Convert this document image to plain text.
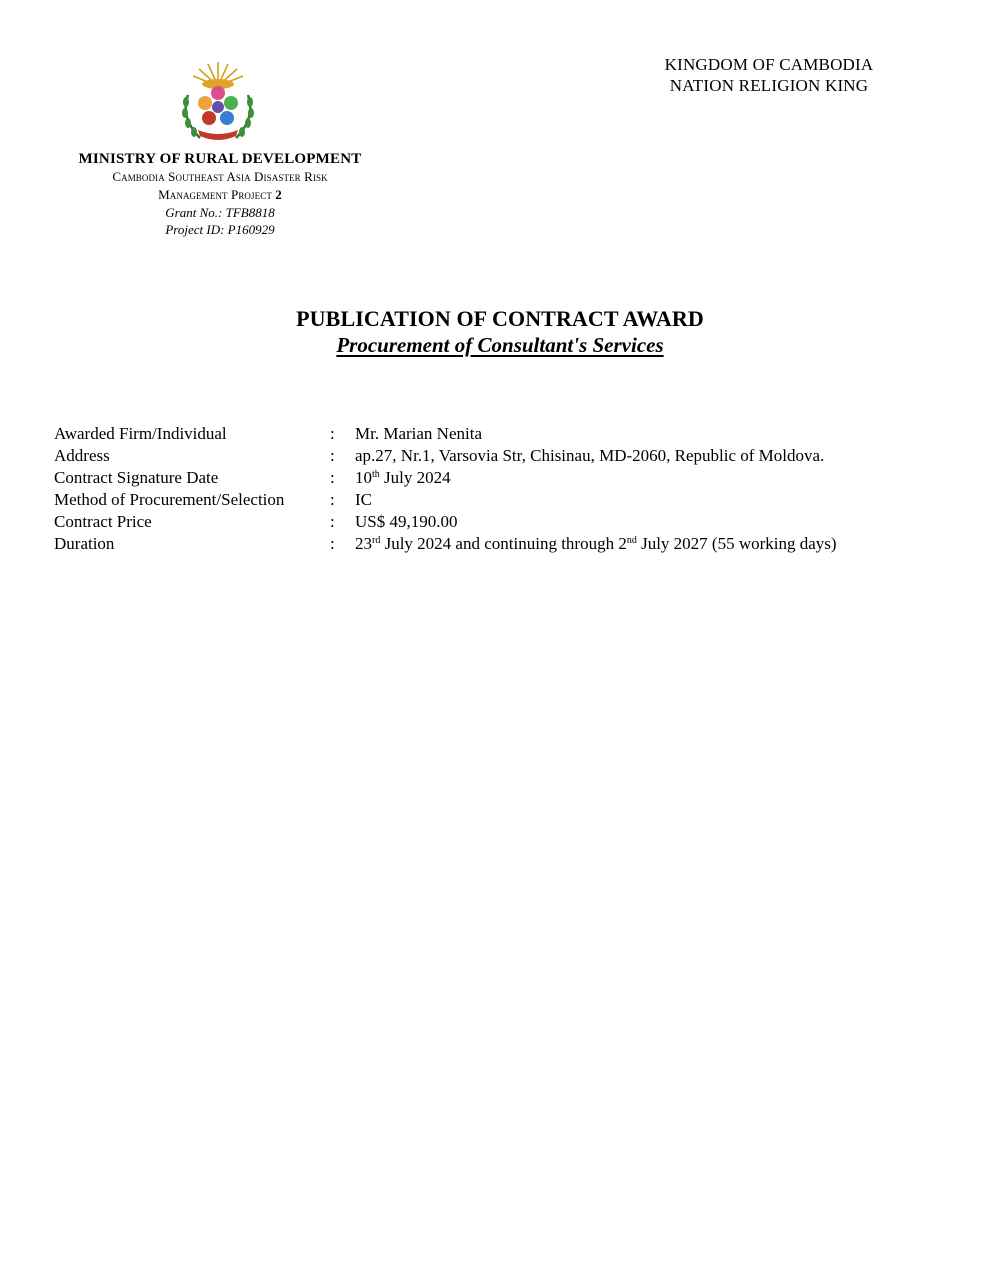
KINGDOM OF CAMBODIA
NATION RELIGION KING
MINISTRY OF RURAL DEVELOPMENT
Cambodia Southeast Asia Disaster Risk
Management Project 2
Grant No.: TFB8818
Project ID: P160929
PUBLICATION OF CONTRACT AWARD
Procurement of Consultant's Services
Awarded Firm/Individual	:	Mr. Marian Nenita
Address	:	ap.27, Nr.1, Varsovia Str, Chisinau, MD-2060, Republic of Moldova.
Contract Signature Date	:	10th July 2024
Method of Procurement/Selection	:	IC
Contract Price	:	US$ 49,190.00
Duration	:	23rd July 2024 and continuing through 2nd July 2027 (55 working days)
